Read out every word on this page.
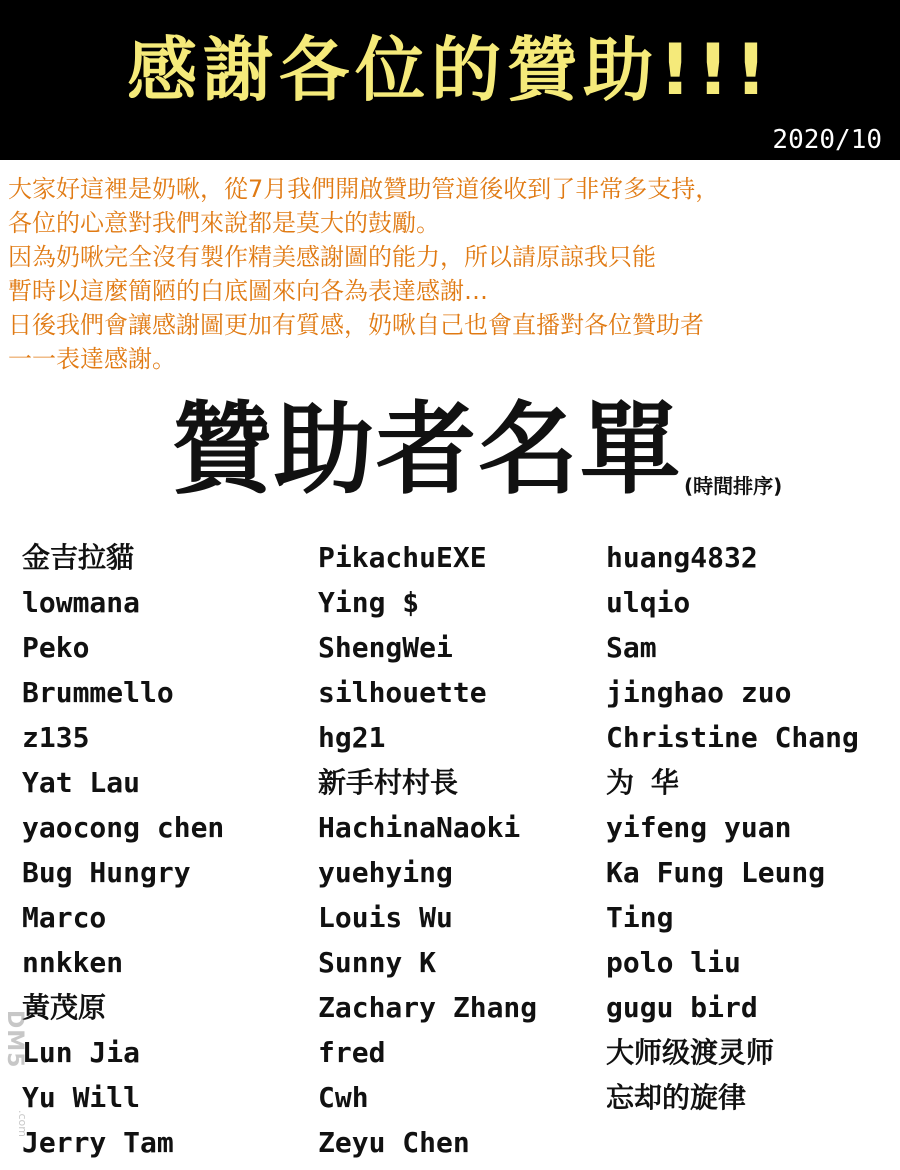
感謝各位的贊助!!!
2020/10
大家好這裡是奶啾，從7月我們開啟贊助管道後收到了非常多支持，
各位的心意對我們來說都是莫大的鼓勵。
因為奶啾完全沒有製作精美感謝圖的能力，所以請原諒我只能
暫時以這麼簡陋的白底圖來向各為表達感謝…
日後我們會讓感謝圖更加有質感，奶啾自己也會直播對各位贊助者
一一表達感謝。
贊助者名單 (時間排序)
金吉拉貓
lowmana
Peko
Brummello
z135
Yat Lau
yaocong chen
Bug Hungry
Marco
nnkken
黃茂原
Lun Jia
Yu Will
Jerry Tam
PikachuEXE
Ying $
ShengWei
silhouette
hg21
新手村村長
HachinaNaoki
yuehying
Louis Wu
Sunny K
Zachary Zhang
fred
Cwh
Zeyu Chen
huang4832
ulqio
Sam
jinghao zuo
Christine Chang
为 华
yifeng yuan
Ka Fung Leung
Ting
polo liu
gugu bird
大师级渡灵师
忘却的旋律
DM5
.com
